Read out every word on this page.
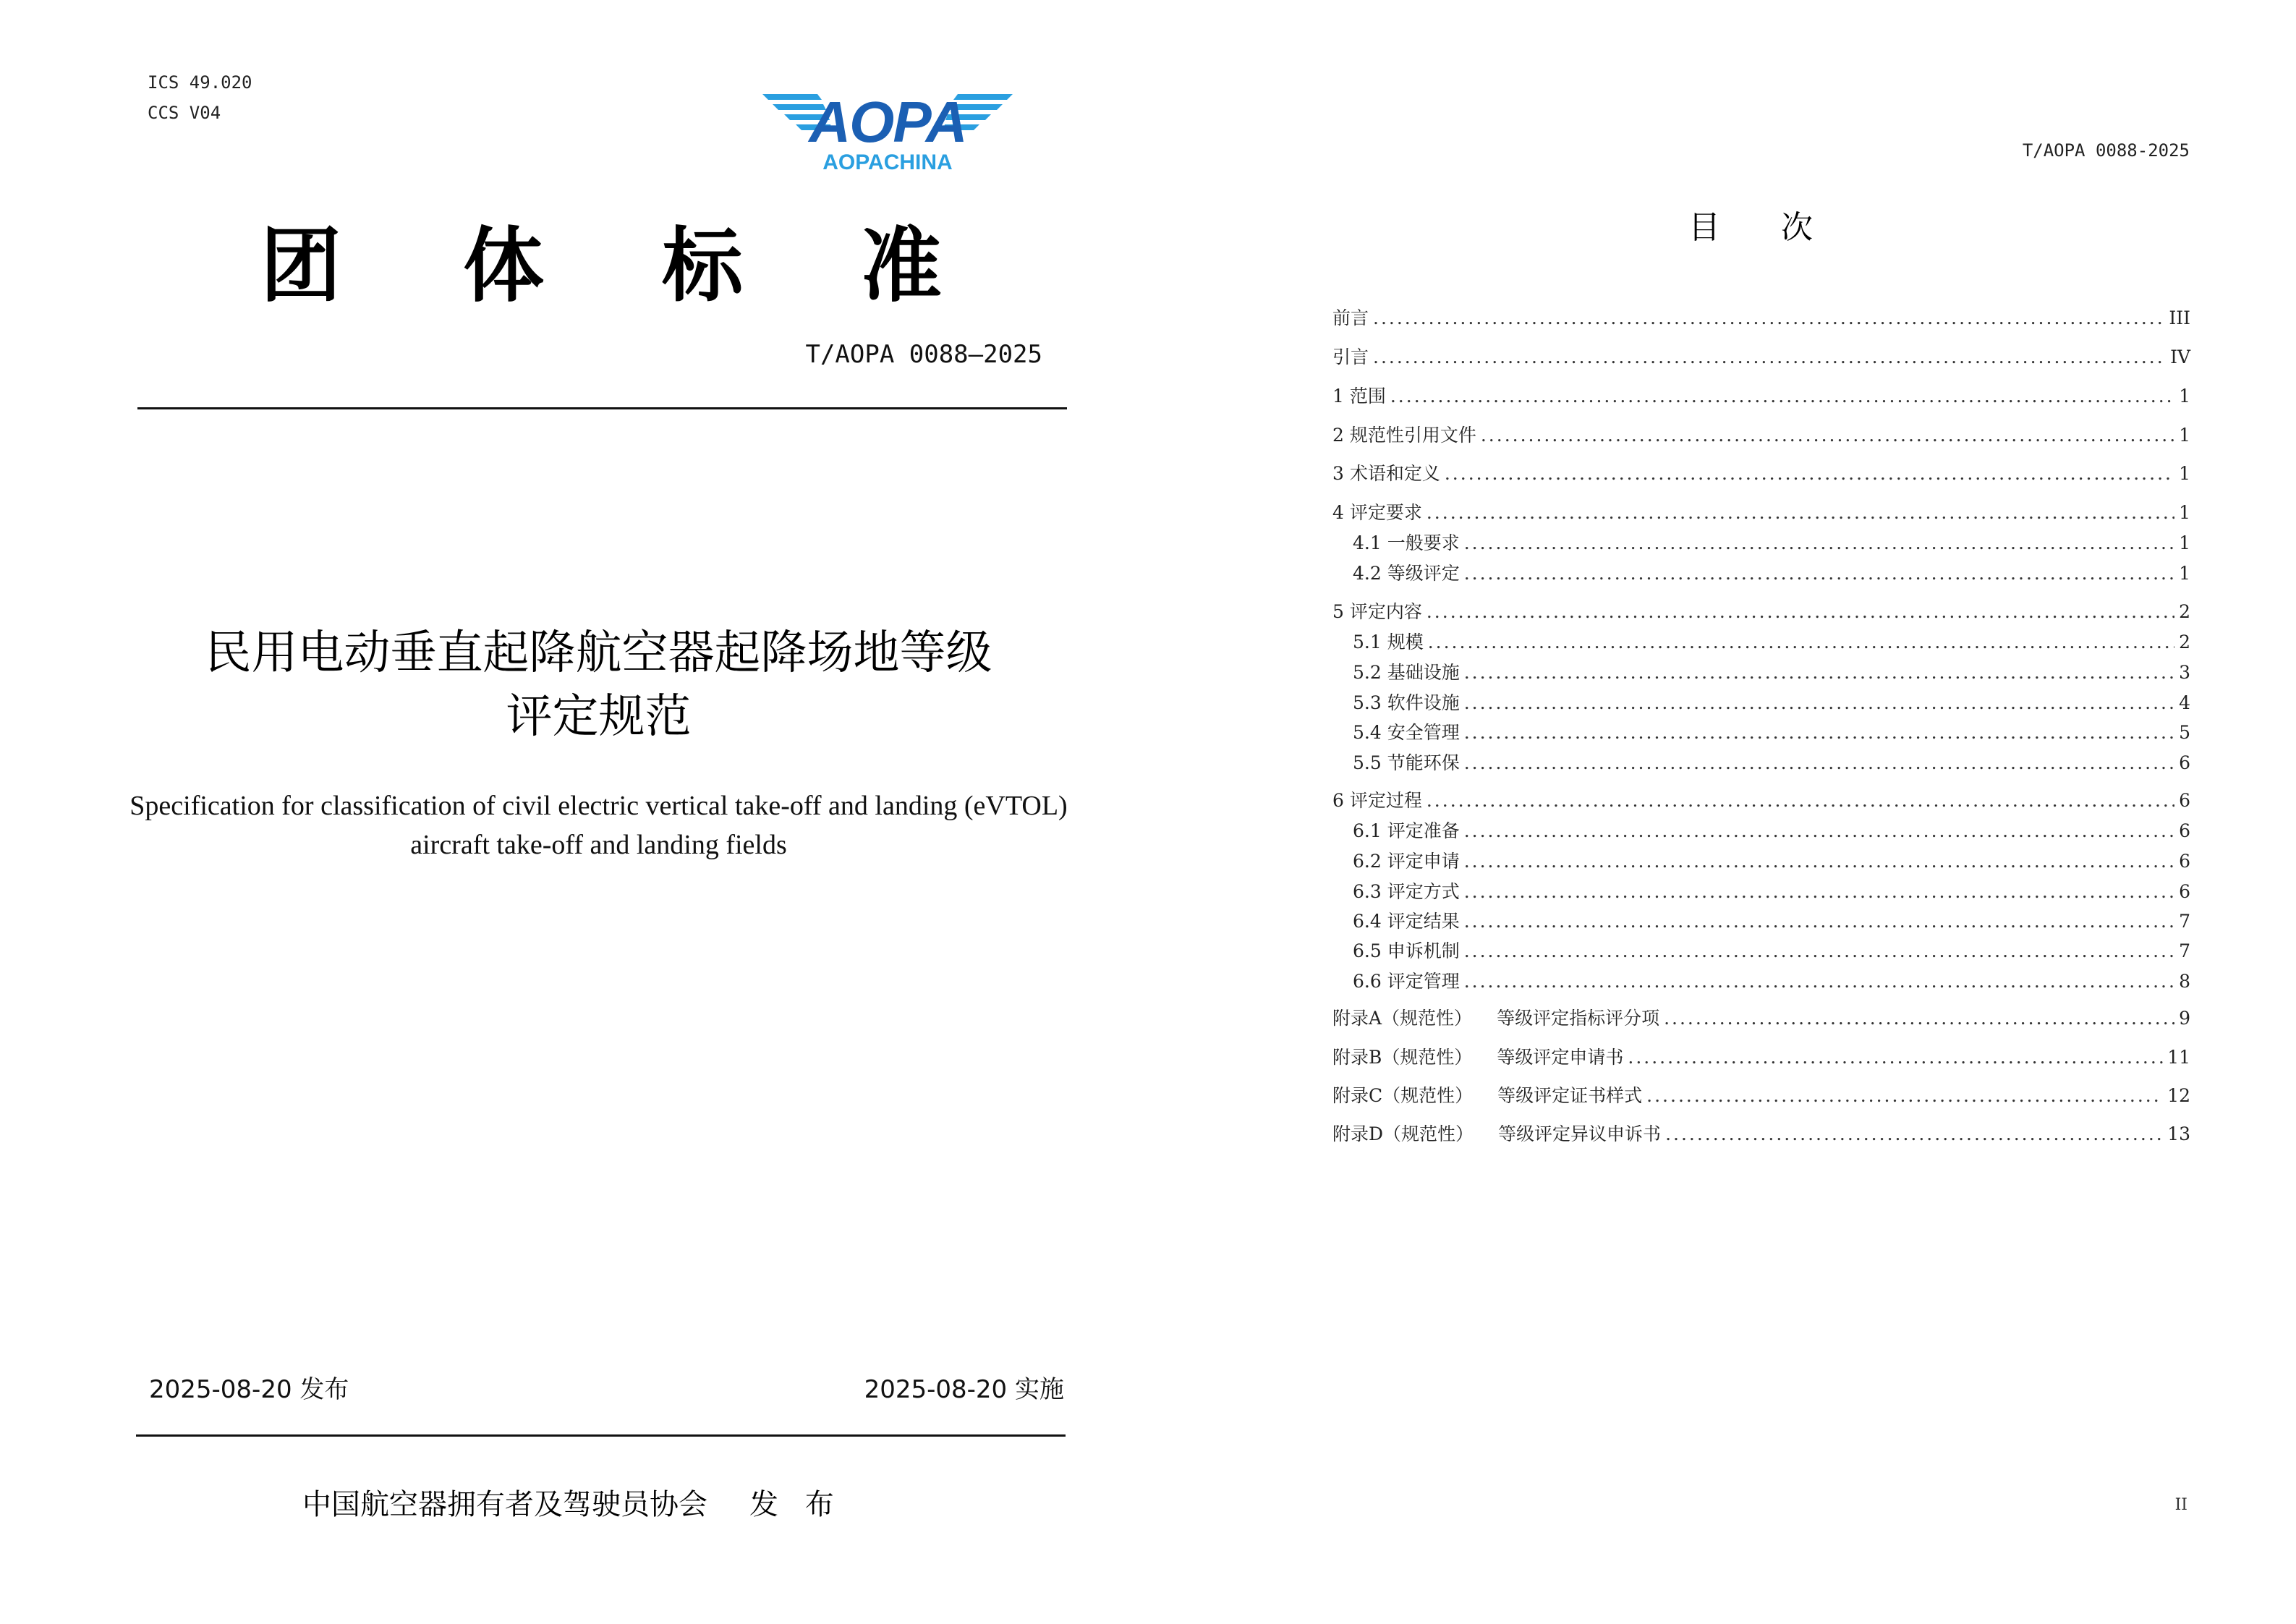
ICS 49.020
CCS V04	AOPA
AOPACHINA
团 体 标 准
T/AOPA 0088—2025
民用电动垂直起降航空器起降场地等级
评定规范
Specification for classification of civil electric vertical take-off and landing (eVTOL)
aircraft take-off and landing fields
2025-08-20 发布	2025-08-20 实施
中国航空器拥有者及驾驶员协会 发 布
T/AOPA 0088-2025
目 次
前言 .....	III
引言 .....	IV
1 范围 .....	1
2 规范性引用文件 .....	1
3 术语和定义 .....	1
4 评定要求 .....	1
4.1 一般要求 .....	1
4.2 等级评定 .....	1
5 评定内容 .....	2
5.1 规模 .....	2
5.2 基础设施 .....	3
5.3 软件设施 .....	4
5.4 安全管理 .....	5
5.5 节能环保 .....	6
6 评定过程 .....	6
6.1 评定准备 .....	6
6.2 评定申请 .....	6
6.3 评定方式 .....	6
6.4 评定结果 .....	7
6.5 申诉机制 .....	7
6.6 评定管理 .....	8
附录A（规范性） 等级评定指标评分项 .....	9
附录B（规范性） 等级评定申请书 .....	11
附录C（规范性） 等级评定证书样式 .....	12
附录D（规范性） 等级评定异议申诉书 .....	13
II
